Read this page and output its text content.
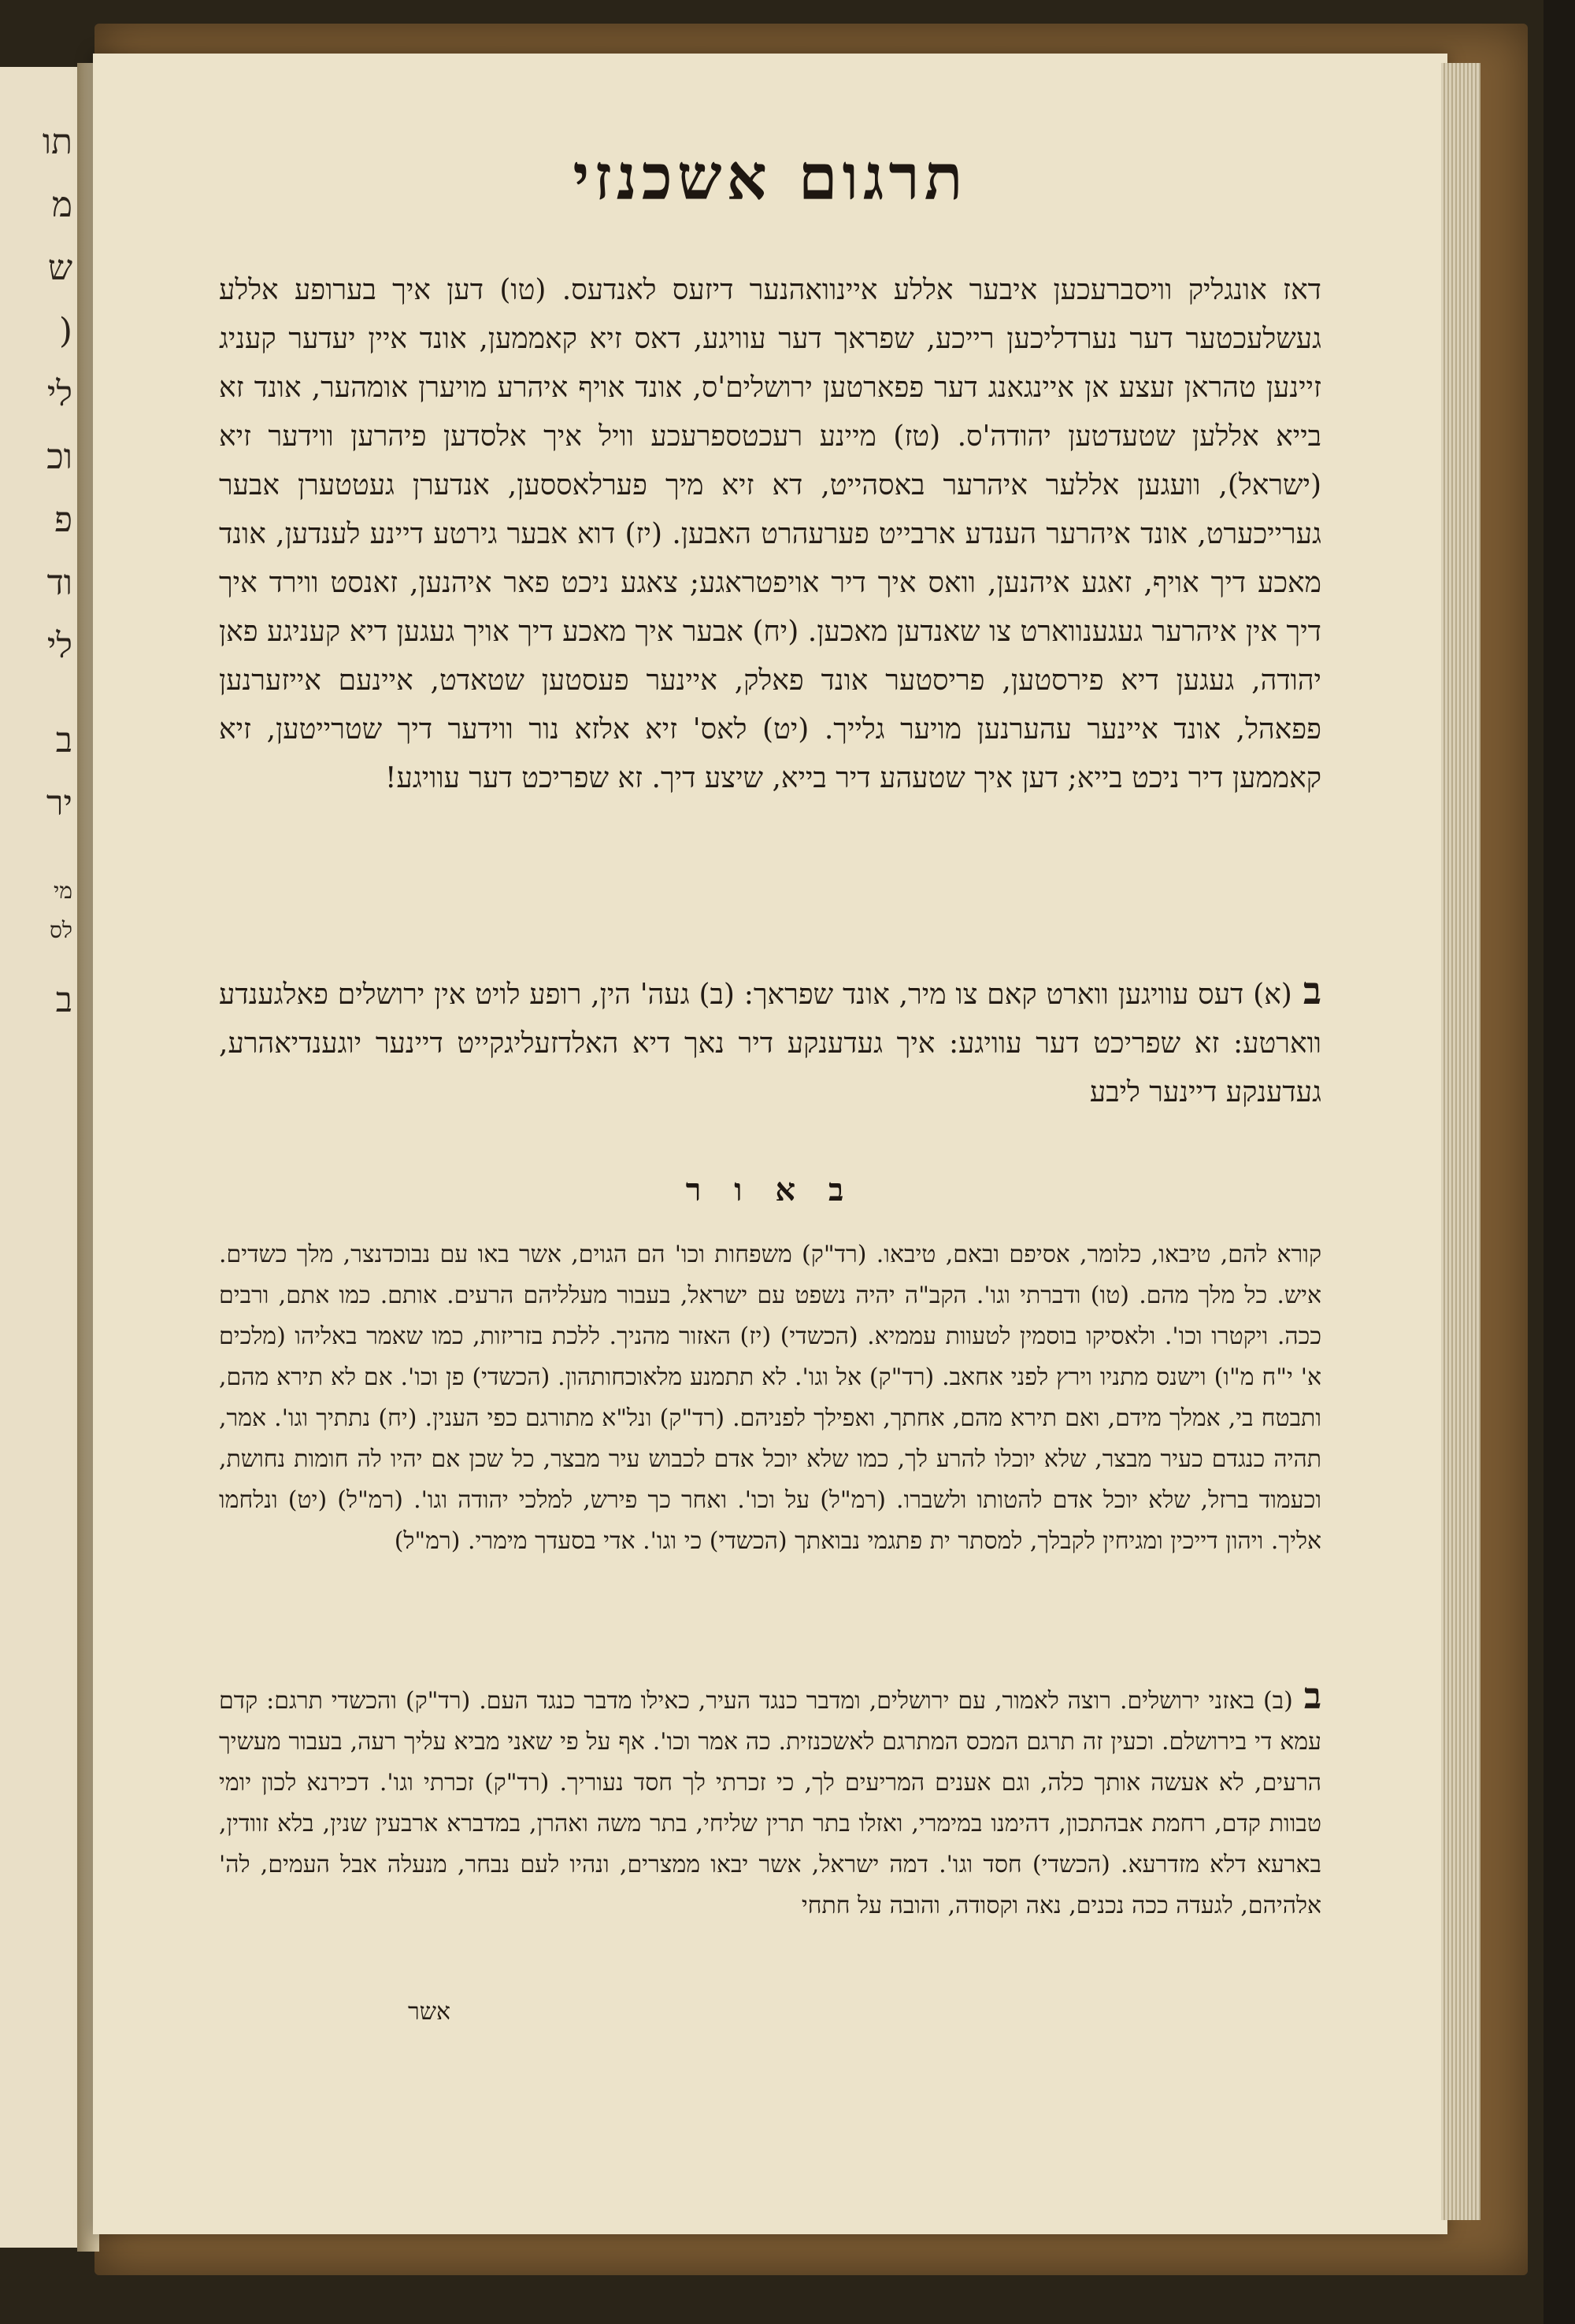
תו
מ
ש
(
לי
וכ
פ
וד
לי
ב
יר
מי
לס
ב
תרגום אשכנזי

דאז אונגליק וויסברעכען איבער אללע איינוואהנער דיזעס לאנדעס. (טו) דען איך בערופע אללע געשלעכטער דער נערדליכען רייכע, שפראך דער עוויגע, דאס זיא קאממען, אונד איין יעדער קעניג זיינען טהראן זעצע אן איינגאנג דער פפארטען ירושלים'ס, אונד אויף איהרע מויערן אומהער, אונד זא בייא אללען שטעדטען יהודה'ס. (טז) מיינע רעכטספרעכע וויל איך אלסדען פיהרען ווידער זיא (ישראל), וועגען אללער איהרער באסהייט, דא זיא מיך פערלאססען, אנדערן געטטערן אבער גערייכערט, אונד איהרער הענדע ארבייט פערעהרט האבען. (יז) דוא אבער גירטע דיינע לענדען, אונד מאכע דיך אויף, זאגע איהנען, וואס איך דיר אויפטראגע; צאגע ניכט פאר איהנען, זאנסט ווירד איך דיך אין איהרער געגענווארט צו שאנדען מאכען. (יח) אבער איך מאכע דיך אויך געגען דיא קעניגע פאן יהודה, געגען דיא פירסטען, פריסטער אונד פאלק, איינער פעסטען שטאדט, איינעם אייזערנען פפאהל, אונד איינער עהערנען מויער גלייך. (יט) לאס' זיא אלזא נור ווידער דיך שטרייטען, זיא קאממען דיר ניכט בייא; דען איך שטעהע דיר בייא, שיצע דיך. זא שפריכט דער עוויגע!

ב(א) דעס עוויגען ווארט קאם צו מיר, אונד שפראך: (ב) געה' הין, רופע לויט אין ירושלים פאלגענדע ווארטע: זא שפריכט דער עוויגע: איך געדענקע דיר נאך דיא האלדזעליגקייט דיינער יוגענדיאהרע, געדענקע דיינער ליבע
ב א ו ר
קורא להם, טיבאו, כלומר, אסיפם ובאם, טיבאו. (רד"ק) משפחות וכו' הם הגוים, אשר באו עם נבוכדנצר, מלך כשדים. איש. כל מלך מהם. (טו) ודברתי וגו'. הקב"ה יהיה נשפט עם ישראל, בעבור מעלליהם הרעים. אותם. כמו אתם, ורבים ככה. ויקטרו וכו'. ולאסיקו בוסמין לטעוות עממיא. (הכשדי) (יז) האזור מהניך. ללכת בזריזות, כמו שאמר באליהו (מלכים א' י"ח מ"ו) וישנס מתניו וירץ לפני אחאב. (רד"ק) אל וגו'. לא תתמנע מלאוכחותהון. (הכשדי) פן וכו'. אם לא תירא מהם, ותבטח בי, אמלך מידם, ואם תירא מהם, אחתך, ואפילך לפניהם. (רד"ק) ונל"א מתורגם כפי הענין. (יח) נתתיך וגו'. אמר, תהיה כנגדם כעיר מבצר, שלא יוכלו להרע לך, כמו שלא יוכל אדם לכבוש עיר מבצר, כל שכן אם יהיו לה חומות נחושת, וכעמוד ברזל, שלא יוכל אדם להטותו ולשברו. (רמ"ל) על וכו'. ואחר כך פירש, למלכי יהודה וגו'. (רמ"ל) (יט) ונלחמו אליך. ויהון דייכין ומגיחין לקבלך, למסתר ית פתגמי נבואתך (הכשדי) כי וגו'. אדי בסעדך מימרי. (רמ"ל)
ב(ב) באזני ירושלים. רוצה לאמור, עם ירושלים, ומדבר כנגד העיר, כאילו מדבר כנגד העם. (רד"ק) והכשדי תרגם: קדם עמא די בירושלם. וכעין זה תרגם המכס המתרגם לאשכנזית. כה אמר וכו'. אף על פי שאני מביא עליך רעה, בעבור מעשיך הרעים, לא אעשה אותך כלה, וגם אענים המריעים לך, כי זכרתי לך חסד נעוריך. (רד"ק) זכרתי וגו'. דכירנא לכון יומי טבוות קדם, רחמת אבהתכון, דהימנו במימרי, ואזלו בתר תרין שליחי, בתר משה ואהרן, במדברא ארבעין שנין, בלא זוודין, בארעא דלא מזדרעא. (הכשדי) חסד וגו'. דמה ישראל, אשר יבאו ממצרים, ונהיו לעם נבחר, מנעלה אבל העמים, לה' אלהיהם, לגעדה ככה נכנים, נאה וקסודה, והובה על חתחי
אשר
